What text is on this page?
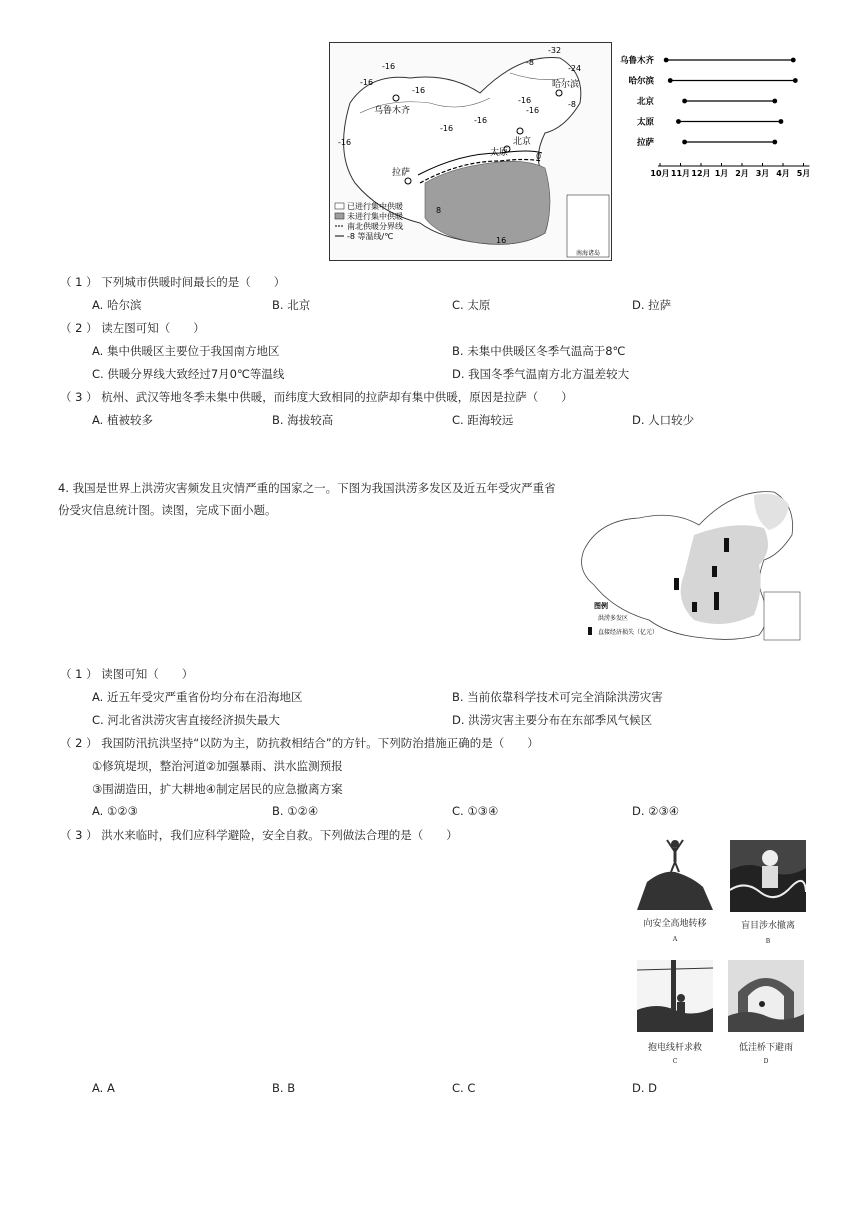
乌鲁木齐
哈尔滨
北京
太原
拉萨
-32
-24
-16
-16
-16
-16
-16
-16
-16
-8
-8
0
8
16
-16
已进行集中供暖
未进行集中供暖
南北供暖分界线
-8 等温线/℃
南海诸岛
10月 11月 12月 1月 2月 3月 4月 5月
乌鲁木齐
哈尔滨
北京
太原
拉萨
（ 1 ） 下列城市供暖时间最长的是（　　）
A. 哈尔滨	B. 北京	C. 太原	D. 拉萨
（ 2 ） 读左图可知（　　）
A. 集中供暖区主要位于我国南方地区	B. 未集中供暖区冬季气温高于8℃
C. 供暖分界线大致经过7月0℃等温线	D. 我国冬季气温南方北方温差较大
（ 3 ） 杭州、武汉等地冬季未集中供暖，而纬度大致相同的拉萨却有集中供暖，原因是拉萨（　　）
A. 植被较多	B. 海拔较高	C. 距海较远	D. 人口较少
4. 我国是世界上洪涝灾害频发且灾情严重的国家之一。下图为我国洪涝多发区及近五年受灾严重省
份受灾信息统计图。读图，完成下面小题。
图例
洪涝多发区
直接经济损失（亿元）
（ 1 ） 读图可知（　　）
A. 近五年受灾严重省份均分布在沿海地区	B. 当前依靠科学技术可完全消除洪涝灾害
C. 河北省洪涝灾害直接经济损失最大	D. 洪涝灾害主要分布在东部季风气候区
（ 2 ） 我国防汛抗洪坚持“以防为主，防抗救相结合”的方针。下列防治措施正确的是（　　）
①修筑堤坝，整治河道②加强暴雨、洪水监测预报
③围湖造田，扩大耕地④制定居民的应急撤离方案
A. ①②③	B. ①②④	C. ①③④	D. ②③④
（ 3 ） 洪水来临时，我们应科学避险，安全自救。下列做法合理的是（　　）
向安全高地转移
A
盲目涉水撤离
B
抱电线杆求救
C
低洼桥下避雨
D
A. A	B. B	C. C	D. D
